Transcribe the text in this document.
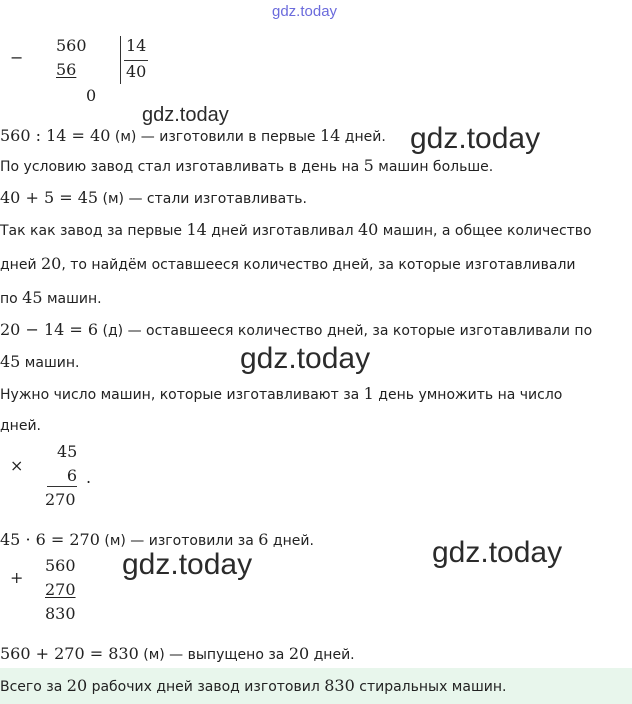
gdz.today
gdz.today
gdz.today
gdz.today
gdz.today
gdz.today
−
560
56
0
14
40
560 : 14 = 40 (м) — изготовили в первые 14 дней.
По условию завод стал изготавливать в день на 5 машин больше.
40 + 5 = 45 (м) — стали изготавливать.
Так как завод за первые 14 дней изготавливал 40 машин, а общее количество
дней 20, то найдём оставшееся количество дней, за которые изготавливали
по 45 машин.
20 − 14 = 6 (д) — оставшееся количество дней, за которые изготавливали по
45 машин.
Нужно число машин, которые изготавливают за 1 день умножить на число
дней.
×
45
6
270
.
45 · 6 = 270 (м) — изготовили за 6 дней.
+
560
270
830
560 + 270 = 830 (м) — выпущено за 20 дней.
Всего за 20 рабочих дней завод изготовил 830 стиральных машин.
